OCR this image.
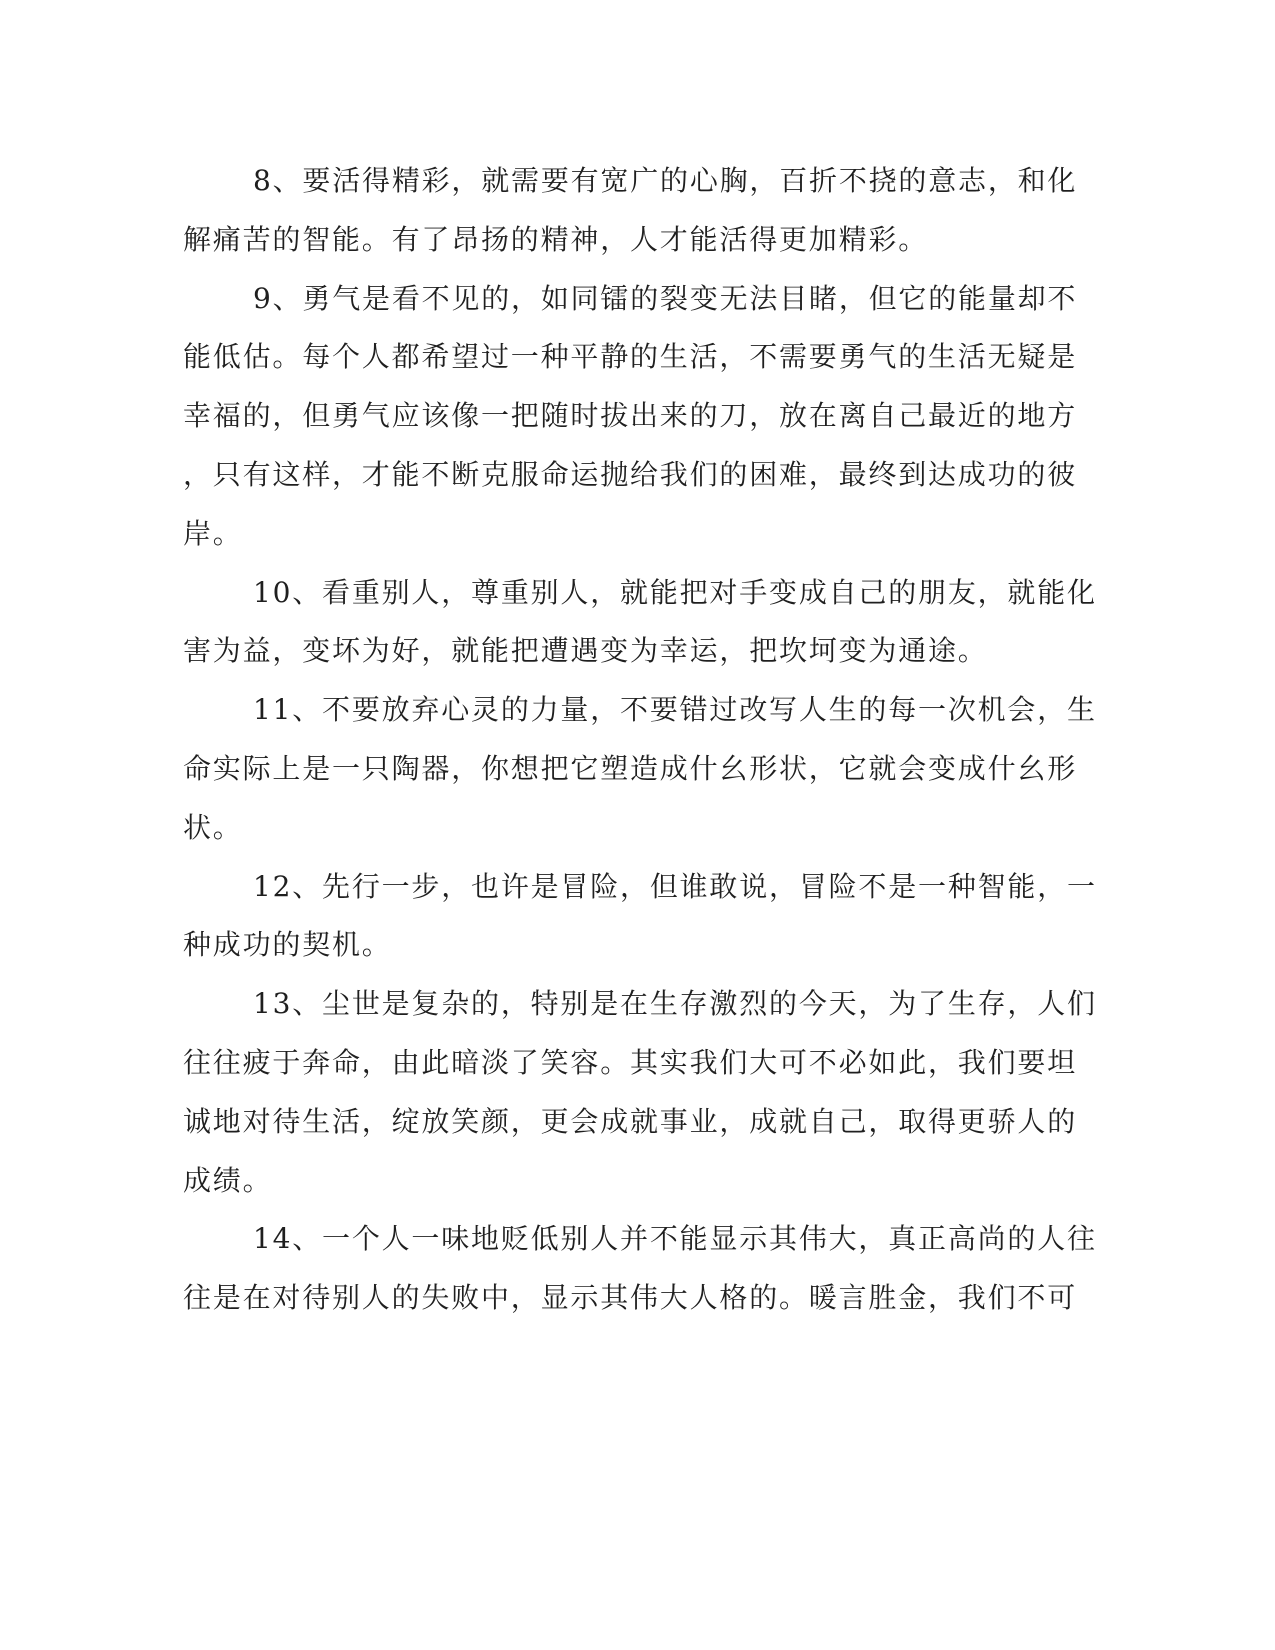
8、要活得精彩，就需要有宽广的心胸，百折不挠的意志，和化
解痛苦的智能。有了昂扬的精神，人才能活得更加精彩。
9、勇气是看不见的，如同镭的裂变无法目睹，但它的能量却不
能低估。每个人都希望过一种平静的生活，不需要勇气的生活无疑是
幸福的，但勇气应该像一把随时拔出来的刀，放在离自己最近的地方
，只有这样，才能不断克服命运抛给我们的困难，最终到达成功的彼
岸。
10、看重别人，尊重别人，就能把对手变成自己的朋友，就能化
害为益，变坏为好，就能把遭遇变为幸运，把坎坷变为通途。
11、不要放弃心灵的力量，不要错过改写人生的每一次机会，生
命实际上是一只陶器，你想把它塑造成什幺形状，它就会变成什幺形
状。
12、先行一步，也许是冒险，但谁敢说，冒险不是一种智能，一
种成功的契机。
13、尘世是复杂的，特别是在生存激烈的今天，为了生存，人们
往往疲于奔命，由此暗淡了笑容。其实我们大可不必如此，我们要坦
诚地对待生活，绽放笑颜，更会成就事业，成就自己，取得更骄人的
成绩。
14、一个人一味地贬低别人并不能显示其伟大，真正高尚的人往
往是在对待别人的失败中，显示其伟大人格的。暖言胜金，我们不可
